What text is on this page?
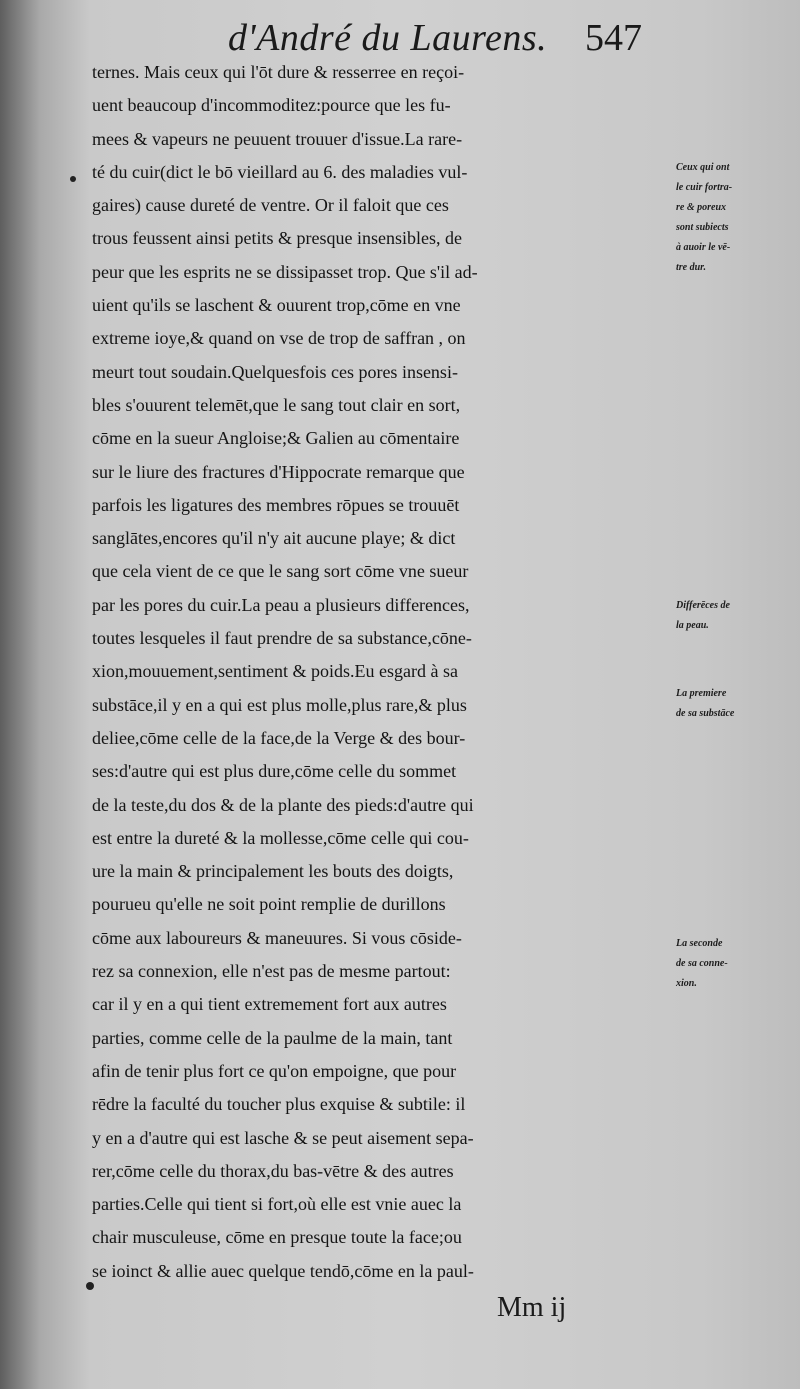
d'André du Laurens. 547
ternes. Mais ceux qui l'ōt dure & resserree en reçoi-
uent beaucoup d'incommoditez:pource que les fu-
mees & vapeurs ne peuuent trouuer d'issue.La rare-
té du cuir(dict le bō vieillard au 6. des maladies vul-
gaires) cause dureté de ventre. Or il faloit que ces
trous feussent ainsi petits & presque insensibles, de
peur que les esprits ne se dissipasset trop. Que s'il ad-
uient qu'ils se laschent & ouurent trop,cōme en vne
extreme ioye,& quand on vse de trop de saffran , on
meurt tout soudain.Quelquesfois ces pores insensi-
bles s'ouurent telemēt,que le sang tout clair en sort,
cōme en la sueur Angloise;& Galien au cōmentaire
sur le liure des fractures d'Hippocrate remarque que
parfois les ligatures des membres rōpues se trouuēt
sanglātes,encores qu'il n'y ait aucune playe; & dict
que cela vient de ce que le sang sort cōme vne sueur
par les pores du cuir.La peau a plusieurs differences,
toutes lesqueles il faut prendre de sa substance,cōne-
xion,mouuement,sentiment & poids.Eu esgard à sa
substāce,il y en a qui est plus molle,plus rare,& plus
deliee,cōme celle de la face,de la Verge & des bour-
ses:d'autre qui est plus dure,cōme celle du sommet
de la teste,du dos & de la plante des pieds:d'autre qui
est entre la dureté & la mollesse,cōme celle qui cou-
ure la main & principalement les bouts des doigts,
pourueu qu'elle ne soit point remplie de durillons
cōme aux laboureurs & maneuures. Si vous cōside-
rez sa connexion, elle n'est pas de mesme partout:
car il y en a qui tient extremement fort aux autres
parties, comme celle de la paulme de la main, tant
afin de tenir plus fort ce qu'on empoigne, que pour
rēdre la faculté du toucher plus exquise & subtile: il
y en a d'autre qui est lasche & se peut aisement sepa-
rer,cōme celle du thorax,du bas-vētre & des autres
parties.Celle qui tient si fort,où elle est vnie auec la
chair musculeuse, cōme en presque toute la face;ou
se ioinct & allie auec quelque tendō,cōme en la paul-
Ceux qui ont
le cuir fortra-
re & poreux
sont subiects
à auoir le vē-
tre dur.
Differēces de
la peau.
La premiere
de sa substāce
La seconde
de sa conne-
xion.
Mm ij
